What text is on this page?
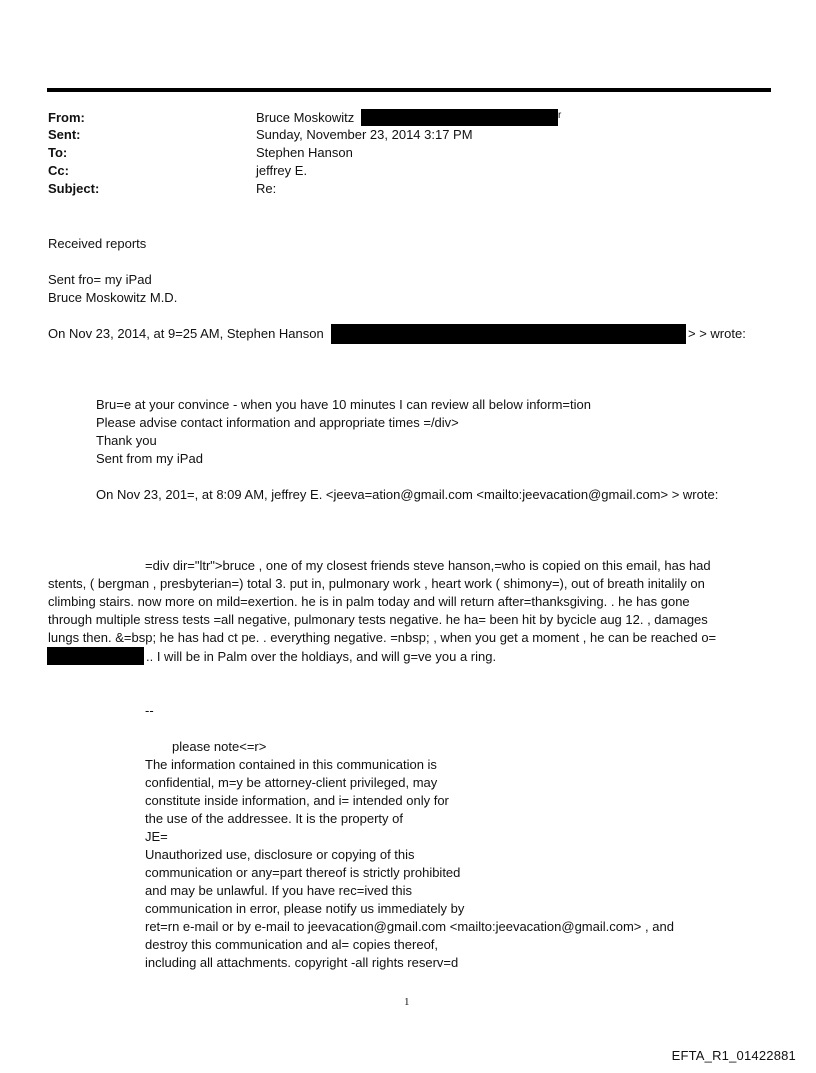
From:	Bruce Moskowitz	r
Sent:	Sunday, November 23, 2014 3:17 PM
To:	Stephen Hanson
Cc:	jeffrey E.
Subject:	Re:
Received reports
Sent fro= my iPad
Bruce Moskowitz M.D.
On Nov 23, 2014, at 9=25 AM, Stephen Hanson	> > wrote:
Bru=e at your convince - when you have 10 minutes I can review all below inform=tion
Please advise contact information and appropriate times =/div>
Thank you
Sent from my iPad
On Nov 23, 201=, at 8:09 AM, jeffrey E. <jeeva=ation@gmail.com <mailto:jeevacation@gmail.com> > wrote:
=div dir="ltr">bruce , one of my closest friends steve hanson,=who is copied on this email, has had
stents, ( bergman , presbyterian=) total 3. put in, pulmonary work , heart work ( shimony=), out of breath initalily on
climbing stairs. now more on mild=exertion. he is in palm today and will return after=thanksgiving. . he has gone
through multiple stress tests =all negative, pulmonary tests negative. he ha= been hit by bycicle aug 12. , damages
lungs then. &=bsp; he has had ct pe. . everything negative. =nbsp; , when you get a moment , he can be reached o=
.. I will be in Palm over the holdiays, and will g=ve you a ring.
--
please note<=r>
The information contained in this communication is
confidential, m=y be attorney-client privileged, may
constitute inside information, and i= intended only for
the use of the addressee. It is the property of
JE=
Unauthorized use, disclosure or copying of this
communication or any=part thereof is strictly prohibited
and may be unlawful. If you have rec=ived this
communication in error, please notify us immediately by
ret=rn e-mail or by e-mail to jeevacation@gmail.com <mailto:jeevacation@gmail.com> , and
destroy this communication and al= copies thereof,
including all attachments. copyright -all rights reserv=d
1
EFTA_R1_01422881
